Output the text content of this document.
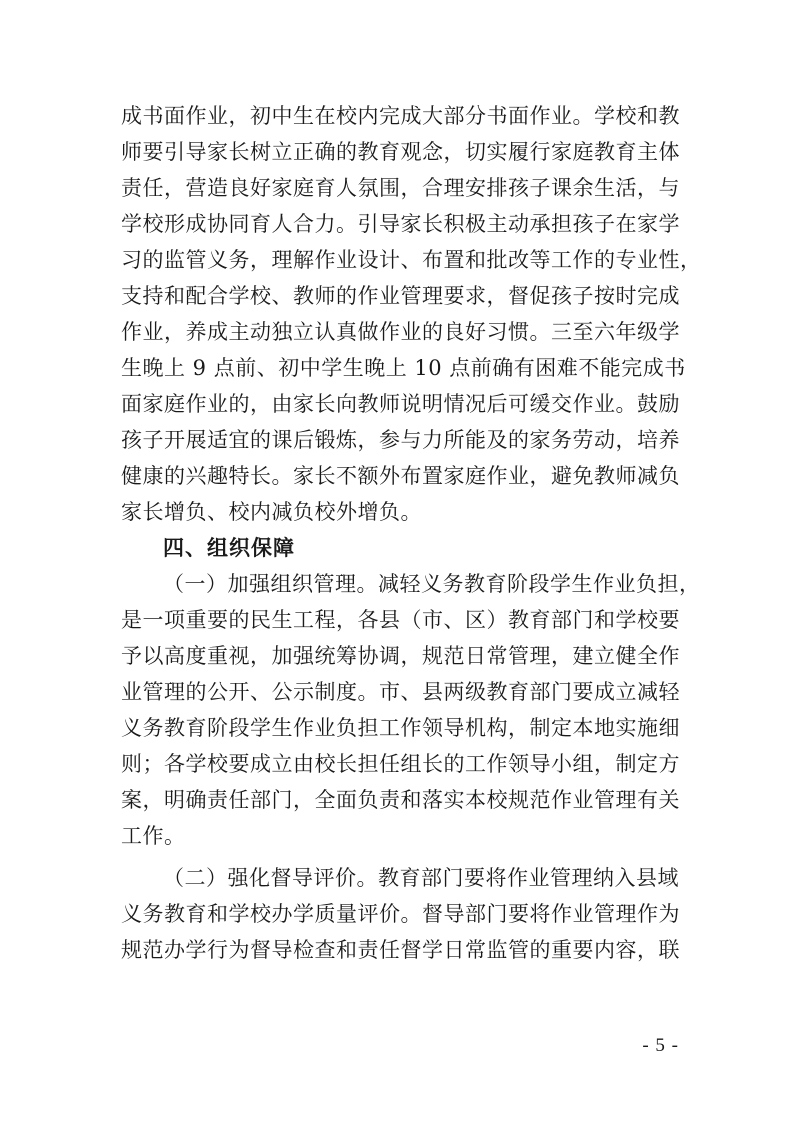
成书面作业，初中生在校内完成大部分书面作业。学校和教
师要引导家长树立正确的教育观念，切实履行家庭教育主体
责任，营造良好家庭育人氛围，合理安排孩子课余生活，与
学校形成协同育人合力。引导家长积极主动承担孩子在家学
习的监管义务，理解作业设计、布置和批改等工作的专业性，
支持和配合学校、教师的作业管理要求，督促孩子按时完成
作业，养成主动独立认真做作业的良好习惯。三至六年级学
生晚上 9 点前、初中学生晚上 10 点前确有困难不能完成书
面家庭作业的，由家长向教师说明情况后可缓交作业。鼓励
孩子开展适宜的课后锻炼，参与力所能及的家务劳动，培养
健康的兴趣特长。家长不额外布置家庭作业，避免教师减负
家长增负、校内减负校外增负。
四、组织保障
（一）加强组织管理。减轻义务教育阶段学生作业负担，
是一项重要的民生工程，各县（市、区）教育部门和学校要
予以高度重视，加强统筹协调，规范日常管理，建立健全作
业管理的公开、公示制度。市、县两级教育部门要成立减轻
义务教育阶段学生作业负担工作领导机构，制定本地实施细
则；各学校要成立由校长担任组长的工作领导小组，制定方
案，明确责任部门，全面负责和落实本校规范作业管理有关
工作。
（二）强化督导评价。教育部门要将作业管理纳入县域
义务教育和学校办学质量评价。督导部门要将作业管理作为
规范办学行为督导检查和责任督学日常监管的重要内容，联
- 5 -
